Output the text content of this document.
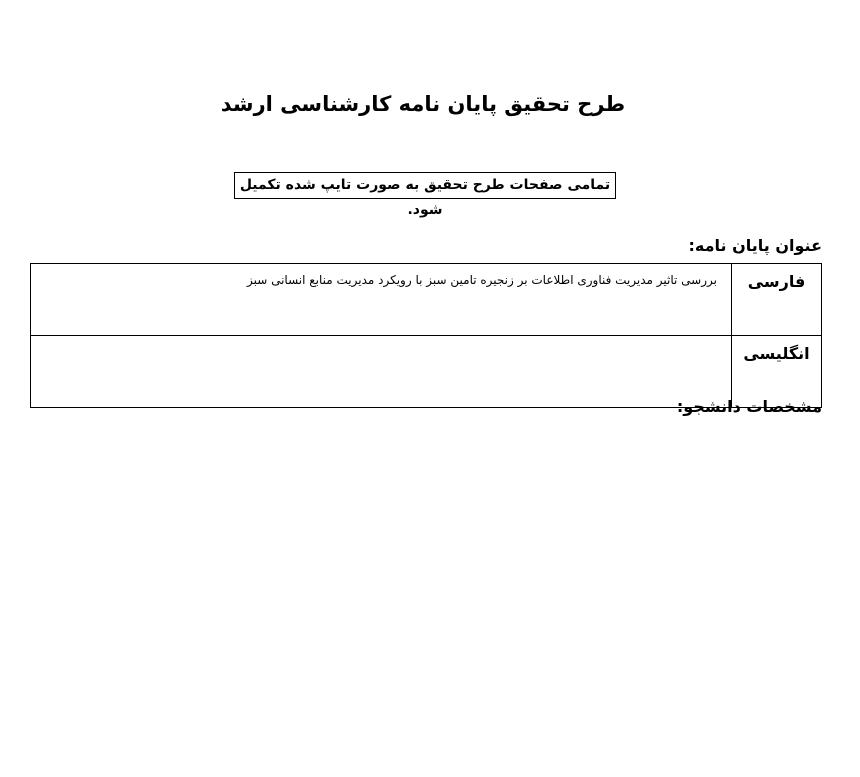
طرح تحقیق پایان نامه کارشناسی ارشد
تمامی صفحات طرح تحقیق به صورت تایپ شده تکمیل شود.
عنوان پایان نامه:
فارسی	بررسی تاثیر مدیریت فناوری اطلاعات بر زنجیره تامین سبز با رویکرد مدیریت منابع انسانی سبز
انگلیسی	
مشخصات دانشجو:
